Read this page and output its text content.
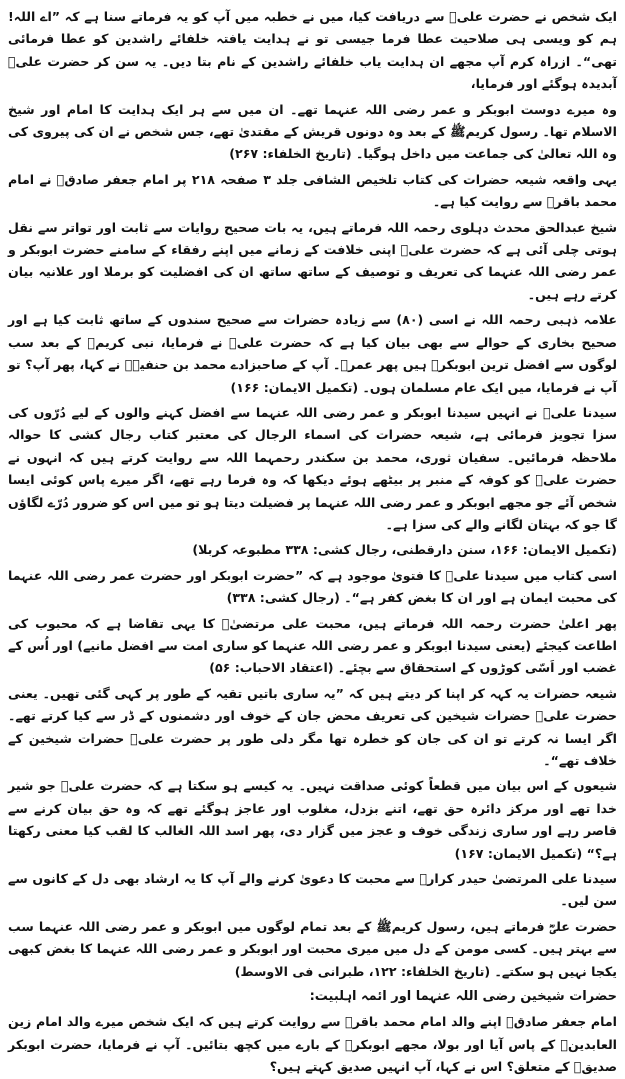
ایک شخص نے حضرت علیؓ سے دریافت کیا، میں نے خطبہ میں آپ کو یہ فرماتے سنا ہے کہ ”اے اللہ! ہم کو ویسی ہی صلاحیت عطا فرما جیسی تو نے ہدایت یافتہ خلفائے راشدین کو عطا فرمائی تھی“۔ ازراہ کرم آپ مجھے ان ہدایت یاب خلفائے راشدین کے نام بتا دیں۔ یہ سن کر حضرت علیؓ آبدیدہ ہوگئے اور فرمایا،

وہ میرے دوست ابوبکر و عمر رضی اللہ عنہما تھے۔ ان میں سے ہر ایک ہدایت کا امام اور شیخ الاسلام تھا۔ رسول کریمﷺ کے بعد وہ دونوں قریش کے مقتدیٰ تھے، جس شخص نے ان کی پیروی کی وہ اللہ تعالیٰ کی جماعت میں داخل ہوگیا۔ (تاریخ الخلفاء: ۲۶۷)

یہی واقعہ شیعہ حضرات کی کتاب تلخیص الشافی جلد ۳ صفحہ ۲۱۸ پر امام جعفر صادقؒ نے امام محمد باقرؒ سے روایت کیا ہے۔

شیخ عبدالحق محدث دہلوی رحمہ اللہ فرماتے ہیں، یہ بات صحیح روایات سے ثابت اور تواتر سے نقل ہوتی چلی آئی ہے کہ حضرت علیؓ اپنی خلافت کے زمانے میں اپنے رفقاء کے سامنے حضرت ابوبکر و عمر رضی اللہ عنہما کی تعریف و توصیف کے ساتھ ساتھ ان کی افضلیت کو برملا اور علانیہ بیان کرتے رہے ہیں۔

علامہ ذہبی رحمہ اللہ نے اسی (۸۰) سے زیادہ حضرات سے صحیح سندوں کے ساتھ ثابت کیا ہے اور صحیح بخاری کے حوالے سے بھی بیان کیا ہے کہ حضرت علیؓ نے فرمایا، نبی کریمﷺ کے بعد سب لوگوں سے افضل ترین ابوبکرؓ ہیں پھر عمرؓ۔ آپ کے صاحبزادے محمد بن حنفیہؒ نے کہا، پھر آپ؟ تو آپ نے فرمایا، میں ایک عام مسلمان ہوں۔ (تکمیل الایمان: ۱۶۶)

سیدنا علیؓ نے انہیں سیدنا ابوبکر و عمر رضی اللہ عنہما سے افضل کہنے والوں کے لیے دُرّوں کی سزا تجویز فرمائی ہے، شیعہ حضرات کی اسماء الرجال کی معتبر کتاب رجال کشی کا حوالہ ملاحظہ فرمائیں۔ سفیان ثوری، محمد بن سکندر رحمہما اللہ سے روایت کرتے ہیں کہ انہوں نے حضرت علیؓ کو کوفہ کے منبر پر بیٹھے ہوئے دیکھا کہ وہ فرما رہے تھے، اگر میرے پاس کوئی ایسا شخص آئے جو مجھے ابوبکر و عمر رضی اللہ عنہما پر فضیلت دیتا ہو تو میں اس کو ضرور دُرّے لگاؤں گا جو کہ بہتان لگانے والے کی سزا ہے۔

(تکمیل الایمان: ۱۶۶، سنن دارقطنی، رجال کشی: ۳۳۸ مطبوعہ کربلا)

اسی کتاب میں سیدنا علیؓ کا فتویٰ موجود ہے کہ ”حضرت ابوبکر اور حضرت عمر رضی اللہ عنہما کی محبت ایمان ہے اور ان کا بغض کفر ہے“۔ (رجال کشی: ۳۳۸)

پھر اعلیٰ حضرت رحمہ اللہ فرماتے ہیں، محبت علی مرتضیٰؓ کا یہی تقاضا ہے کہ محبوب کی اطاعت کیجئے (یعنی سیدنا ابوبکر و عمر رضی اللہ عنہما کو ساری امت سے افضل مانیے) اور اُس کے غضب اور اَسّی کوڑوں کے استحقاق سے بچئے۔ (اعتقاد الاحباب: ۵۶)

شیعہ حضرات یہ کہہ کر اپنا کر دیتے ہیں کہ ”یہ ساری باتیں تقیہ کے طور پر کہی گئی تھیں۔ یعنی حضرت علیؓ حضرات شیخین کی تعریف محض جان کے خوف اور دشمنوں کے ڈر سے کیا کرتے تھے۔ اگر ایسا نہ کرتے تو ان کی جان کو خطرہ تھا مگر دلی طور پر حضرت علیؓ حضرات شیخین کے خلاف تھے“۔

شیعوں کے اس بیان میں قطعاً کوئی صداقت نہیں۔ یہ کیسے ہو سکتا ہے کہ حضرت علیؓ جو شیر خدا تھے اور مرکز دائرہ حق تھے، اتنے بزدل، مغلوب اور عاجز ہوگئے تھے کہ وہ حق بیان کرنے سے قاصر رہے اور ساری زندگی خوف و عجز میں گزار دی، پھر اسد اللہ الغالب کا لقب کیا معنی رکھتا ہے؟“ (تکمیل الایمان: ۱۶۷)

سیدنا علی المرتضیٰ حیدر کرارؓ سے محبت کا دعویٰ کرنے والے آپ کا یہ ارشاد بھی دل کے کانوں سے سن لیں۔

حضرت علیؓ فرماتے ہیں، رسول کریمﷺ کے بعد تمام لوگوں میں ابوبکر و عمر رضی اللہ عنہما سب سے بہتر ہیں۔ کسی مومن کے دل میں میری محبت اور ابوبکر و عمر رضی اللہ عنہما کا بغض کبھی یکجا نہیں ہو سکتے۔ (تاریخ الخلفاء: ۱۲۲، طبرانی فی الاوسط)

حضرات شیخین رضی اللہ عنہما اور ائمہ اہلبیت:

امام جعفر صادقؒ اپنے والد امام محمد باقرؒ سے روایت کرتے ہیں کہ ایک شخص میرے والد امام زین العابدینؒ کے پاس آیا اور بولا، مجھے ابوبکرؓ کے بارے میں کچھ بتائیں۔ آپ نے فرمایا، حضرت ابوبکر صدیقؓ کے متعلق؟ اس نے کہا، آپ انہیں صدیق کہتے ہیں؟
